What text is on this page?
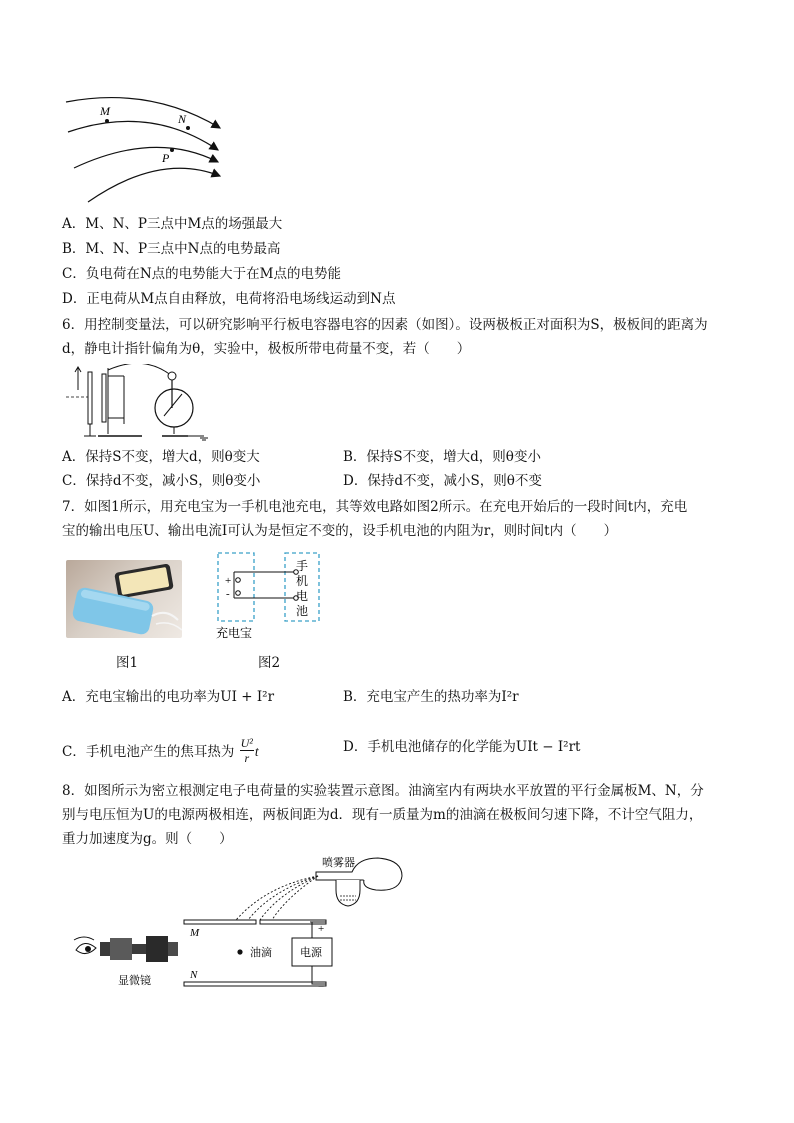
M
N
P
A．M、N、P三点中M点的场强最大
B．M、N、P三点中N点的电势最高
C．负电荷在N点的电势能大于在M点的电势能
D．正电荷从M点自由释放，电荷将沿电场线运动到N点
6．用控制变量法，可以研究影响平行板电容器电容的因素（如图）。设两极板正对面积为S，极板间的距离为
d，静电计指针偏角为θ，实验中，极板所带电荷量不变，若（　　）
A．保持S不变，增大d，则θ变大	B．保持S不变，增大d，则θ变小
C．保持d不变，减小S，则θ变小	D．保持d不变，减小S，则θ不变
7．如图1所示，用充电宝为一手机电池充电，其等效电路如图2所示。在充电开始后的一段时间t内，充电
宝的输出电压U、输出电流I可认为是恒定不变的，设手机电池的内阻为r，则时间t内（　　）
+
-
手
机
电
池
充电宝
图1	图2
A．充电宝输出的电功率为UI + I²r	B．充电宝产生的热功率为I²r
C．手机电池产生的焦耳热为 $\frac{\text{U²}}{r}$ t	D．手机电池储存的化学能为UIt − I²rt
8．如图所示为密立根测定电子电荷量的实验装置示意图。油滴室内有两块水平放置的平行金属板M、N，分
别与电压恒为U的电源两极相连，两板间距为d．现有一质量为m的油滴在极板间匀速下降，不计空气阻力，
重力加速度为g。则（　　）
喷雾器
M
油滴
N
电源
+
−
显微镜
